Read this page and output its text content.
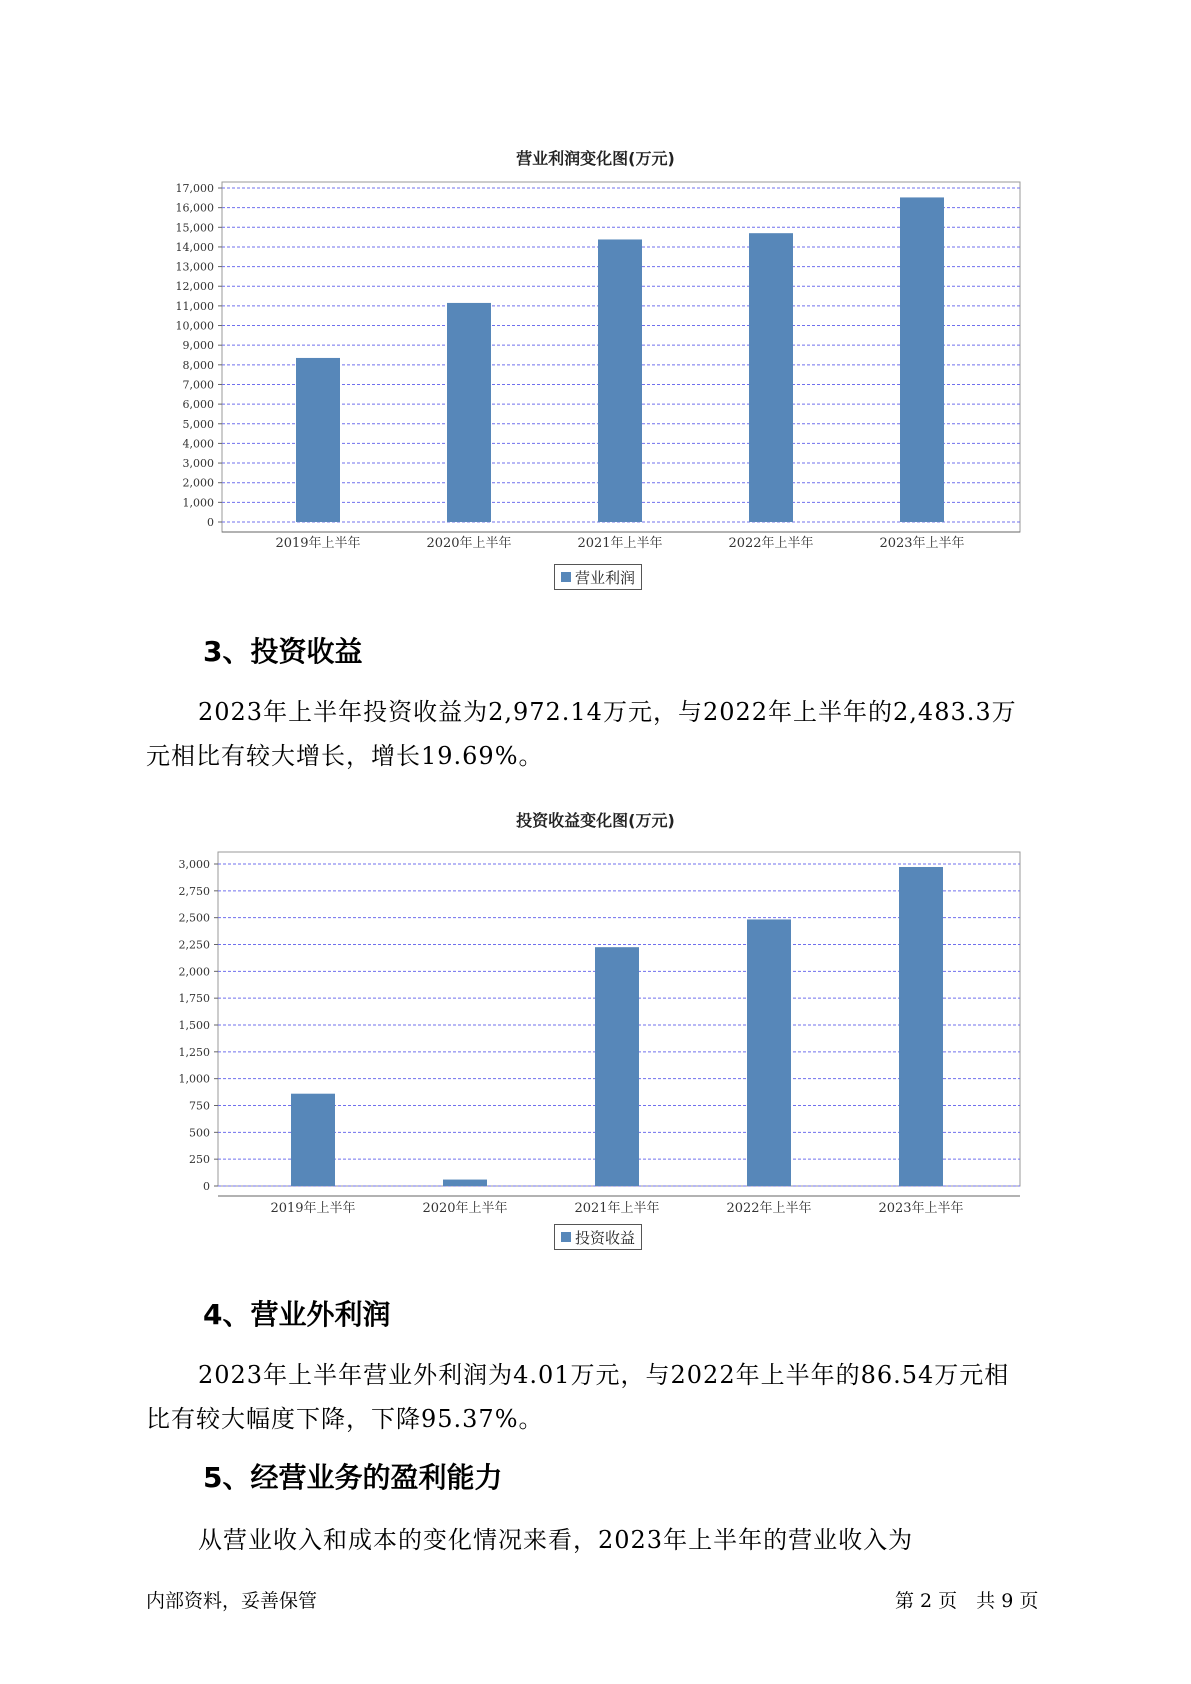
营业利润变化图(万元)
0
1,000
2,000
3,000
4,000
5,000
6,000
7,000
8,000
9,000
10,000
11,000
12,000
13,000
14,000
15,000
16,000
17,000
2019年上半年	2020年上半年	2021年上半年	2022年上半年	2023年上半年
营业利润
3、投资收益
2023年上半年投资收益为2,972.14万元，与2022年上半年的2,483.3万
元相比有较大增长，增长19.69%。
投资收益变化图(万元)
0
250
500
750
1,000
1,250
1,500
1,750
2,000
2,250
2,500
2,750
3,000
2019年上半年	2020年上半年	2021年上半年	2022年上半年	2023年上半年
投资收益
4、营业外利润
2023年上半年营业外利润为4.01万元，与2022年上半年的86.54万元相
比有较大幅度下降，下降95.37%。
5、经营业务的盈利能力
从营业收入和成本的变化情况来看，2023年上半年的营业收入为
内部资料，妥善保管	第 2 页　共 9 页
